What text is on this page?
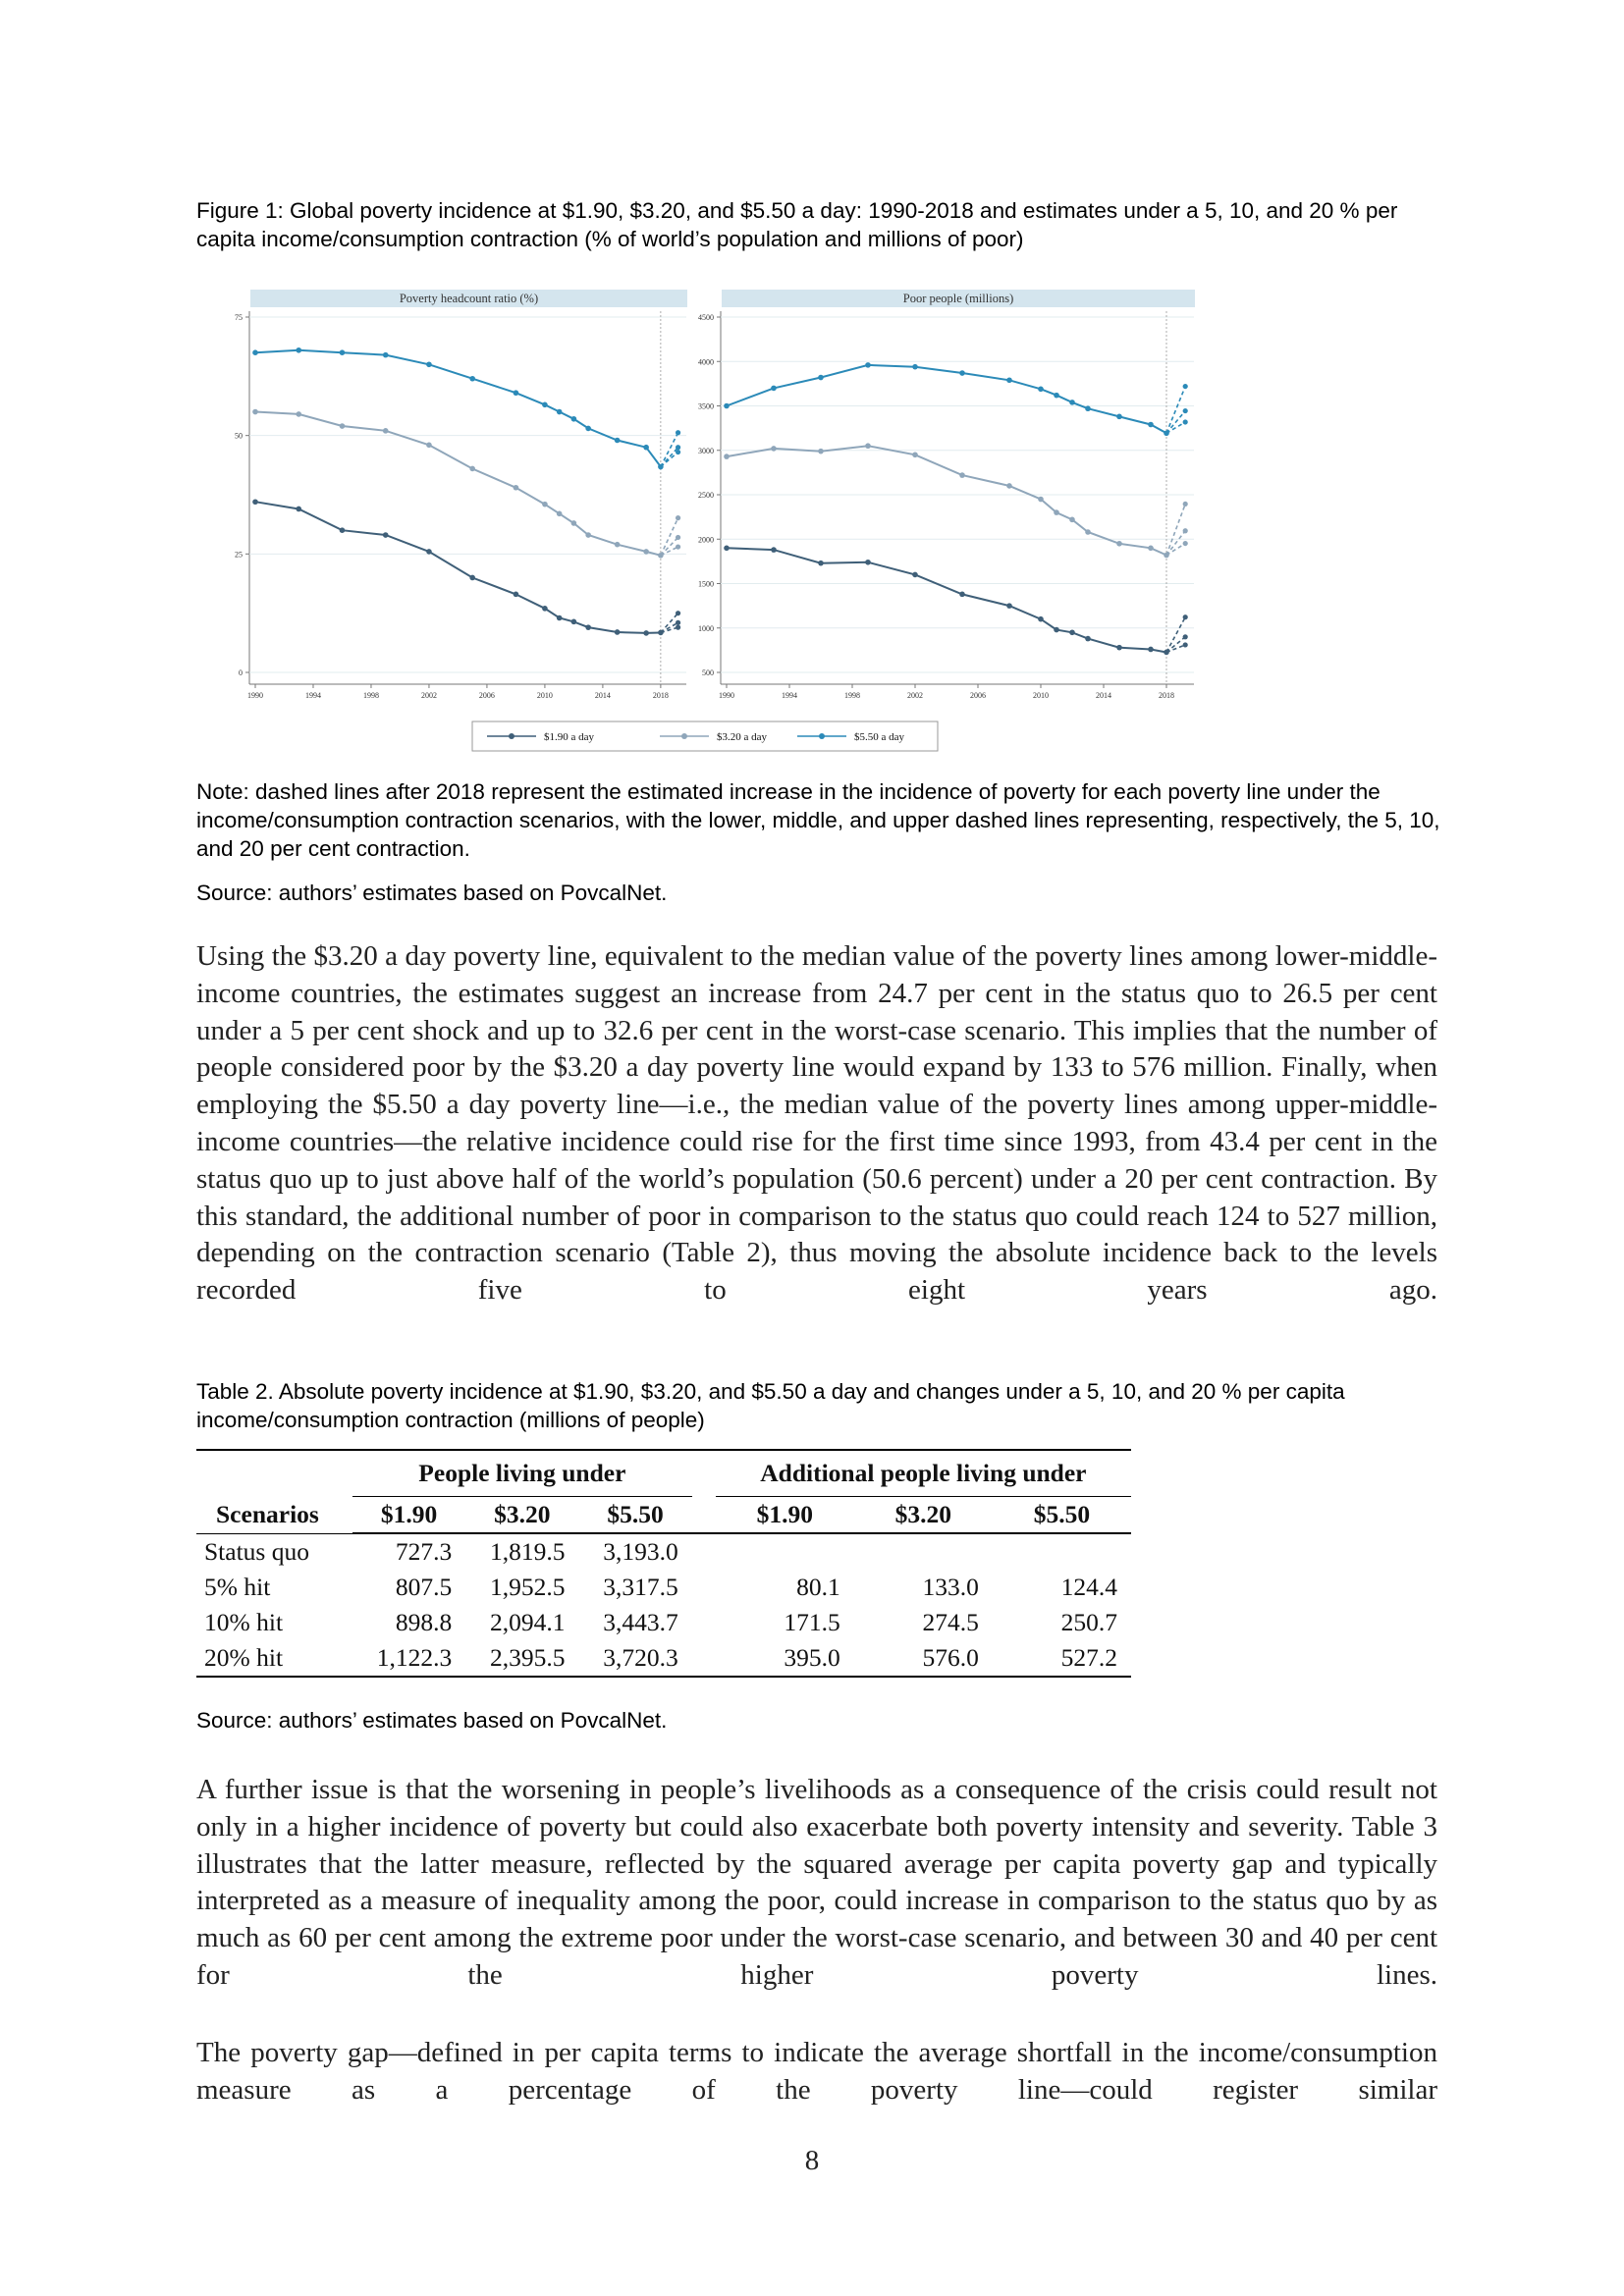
Figure 1: Global poverty incidence at $1.90, $3.20, and $5.50 a day: 1990-2018 and estimates under a 5, 10, and 20 % per capita income/consumption contraction (% of world’s population and millions of poor)
Poverty headcount ratio (%)
0
25
50
75
1990	1994	1998	2002	2006	2010	2014	2018
Poor people (millions)
500
1000
1500
2000
2500
3000
3500
4000
4500
1990	1994	1998	2002	2006	2010	2014	2018
$1.90 a day	$3.20 a day	$5.50 a day
Note: dashed lines after 2018 represent the estimated increase in the incidence of poverty for each poverty line under the income/consumption contraction scenarios, with the lower, middle, and upper dashed lines representing, respectively, the 5, 10, and 20 per cent contraction.
Source: authors’ estimates based on PovcalNet.
Using the $3.20 a day poverty line, equivalent to the median value of the poverty lines among lower-middle-income countries, the estimates suggest an increase from 24.7 per cent in the status quo to 26.5 per cent under a 5 per cent shock and up to 32.6 per cent in the worst-case scenario. This implies that the number of people considered poor by the $3.20 a day poverty line would expand by 133 to 576 million. Finally, when employing the $5.50 a day poverty line—i.e., the median value of the poverty lines among upper-middle-income countries—the relative incidence could rise for the first time since 1993, from 43.4 per cent in the status quo up to just above half of the world’s population (50.6 percent) under a 20 per cent contraction. By this standard, the additional number of poor in comparison to the status quo could reach 124 to 527 million, depending on the contraction scenario (Table 2), thus moving the absolute incidence back to the levels recorded five to eight years ago.
Table 2. Absolute poverty incidence at $1.90, $3.20, and $5.50 a day and changes under a 5, 10, and 20 % per capita income/consumption contraction (millions of people)
Scenarios	People living under				Additional people living under		
	$1.90	$3.20	$5.50		$1.90	$3.20	$5.50
Status quo	727.3	1,819.5	3,193.0				
5% hit	807.5	1,952.5	3,317.5		80.1	133.0	124.4
10% hit	898.8	2,094.1	3,443.7		171.5	274.5	250.7
20% hit	1,122.3	2,395.5	3,720.3		395.0	576.0	527.2
Source: authors’ estimates based on PovcalNet.
A further issue is that the worsening in people’s livelihoods as a consequence of the crisis could result not only in a higher incidence of poverty but could also exacerbate both poverty intensity and severity. Table 3 illustrates that the latter measure, reflected by the squared average per capita poverty gap and typically interpreted as a measure of inequality among the poor, could increase in comparison to the status quo by as much as 60 per cent among the extreme poor under the worst-case scenario, and between 30 and 40 per cent for the higher poverty lines.
The poverty gap—defined in per capita terms to indicate the average shortfall in the income/consumption measure as a percentage of the poverty line—could register similar
8
